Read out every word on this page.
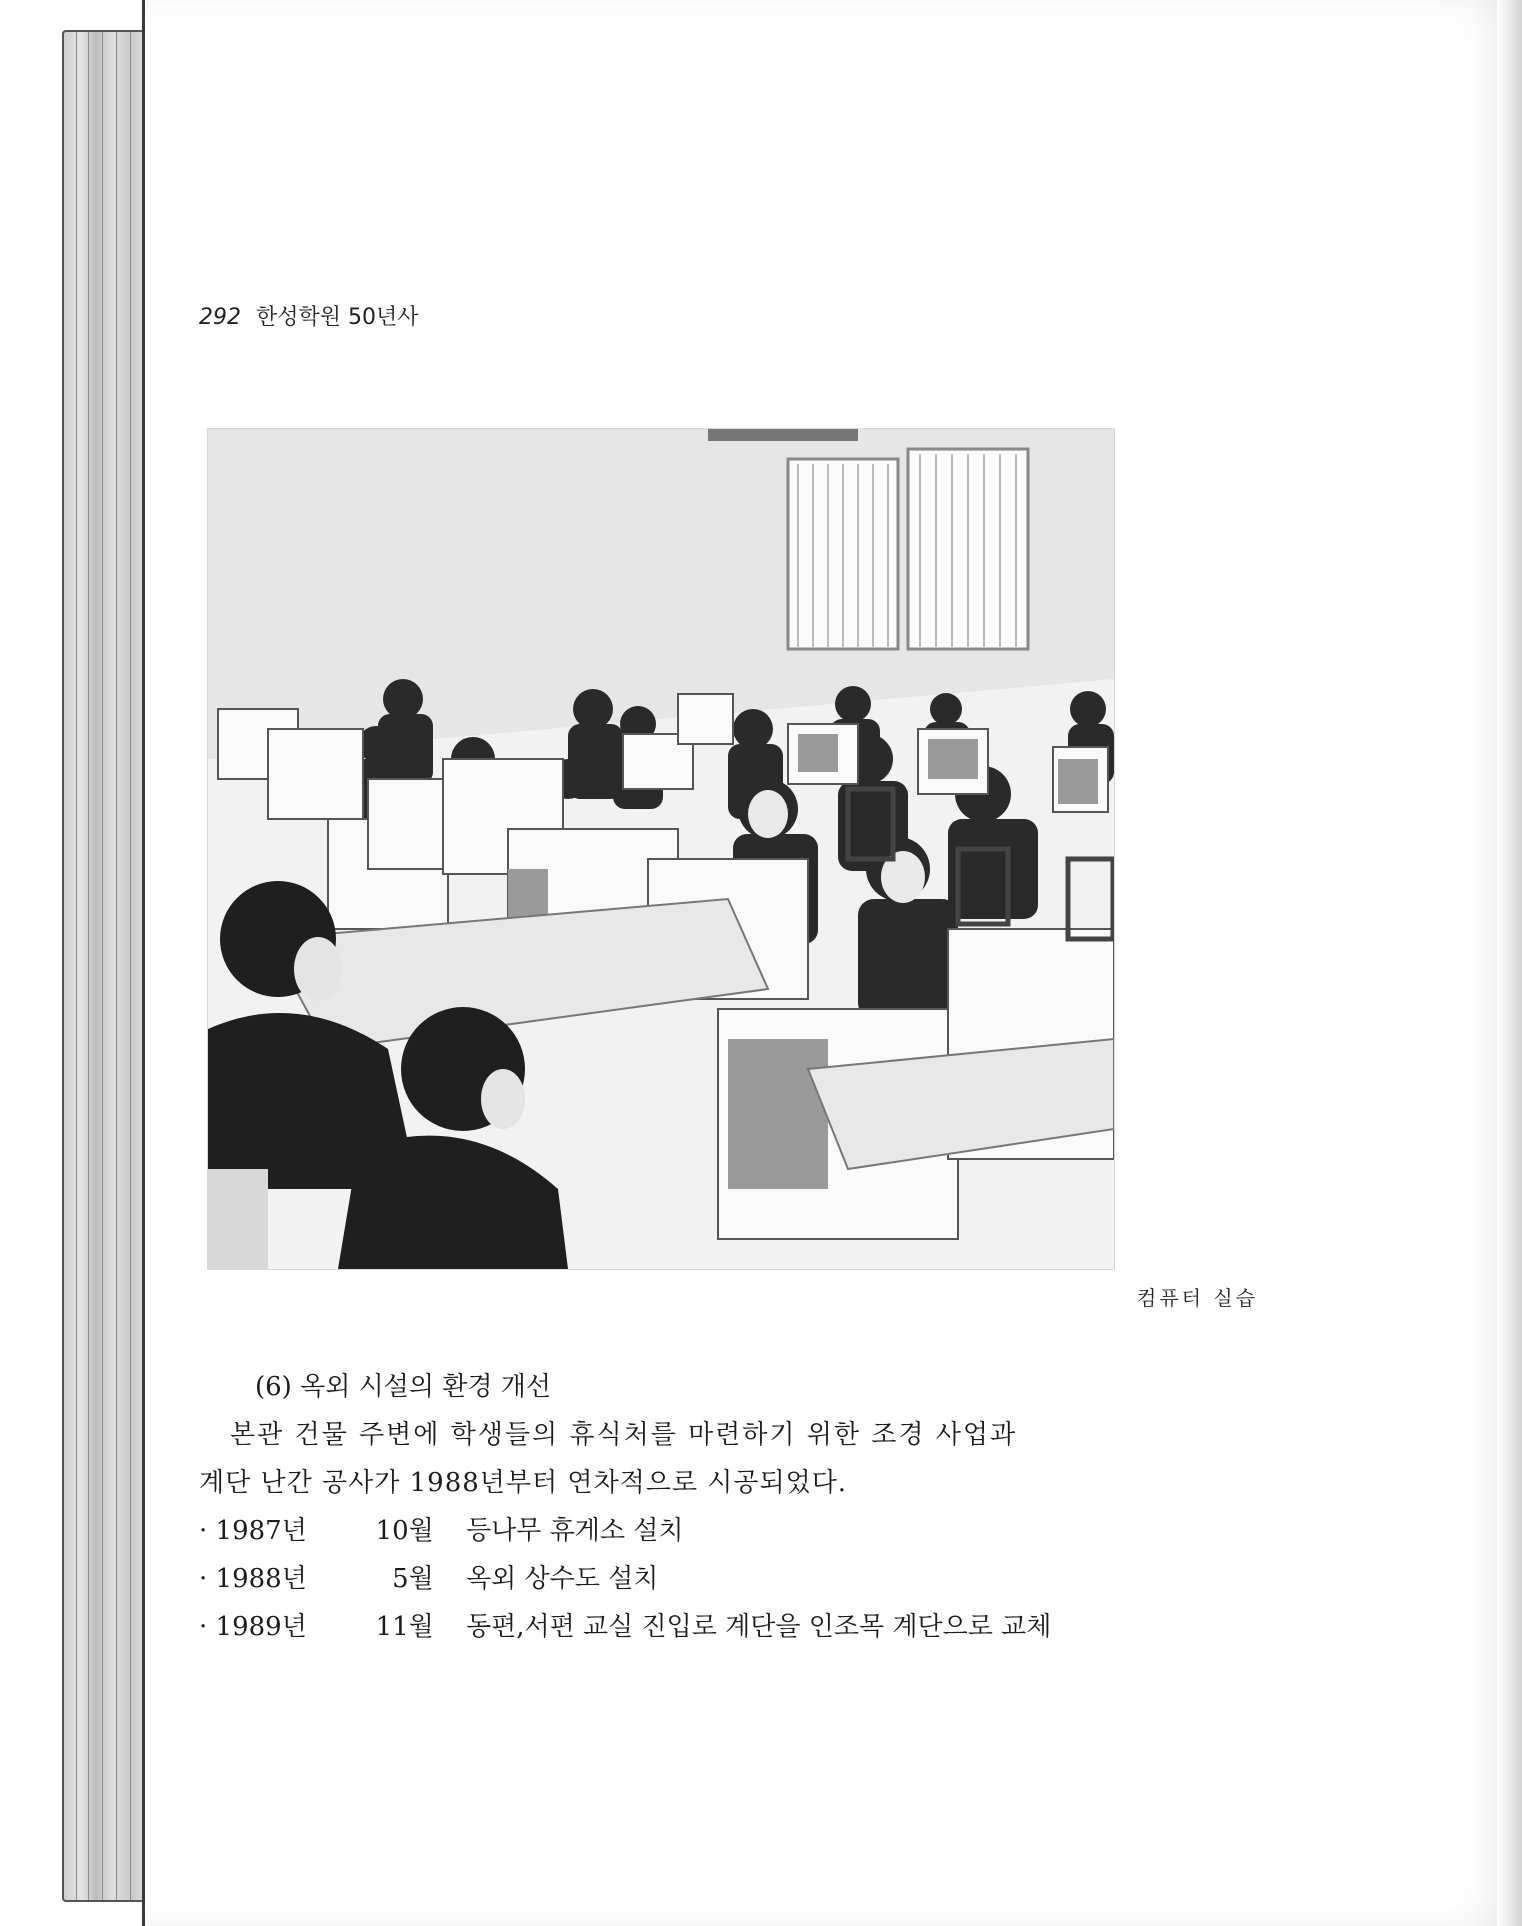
292 한성학원 50년사
컴퓨터 실습
(6) 옥외 시설의 환경 개선
본관 건물 주변에 학생들의 휴식처를 마련하기 위한 조경 사업과
계단 난간 공사가 1988년부터 연차적으로 시공되었다.
· 1987년	10월 등나무 휴게소 설치
· 1988년	5월 옥외 상수도 설치
· 1989년	11월 동편,서편 교실 진입로 계단을 인조목 계단으로 교체
